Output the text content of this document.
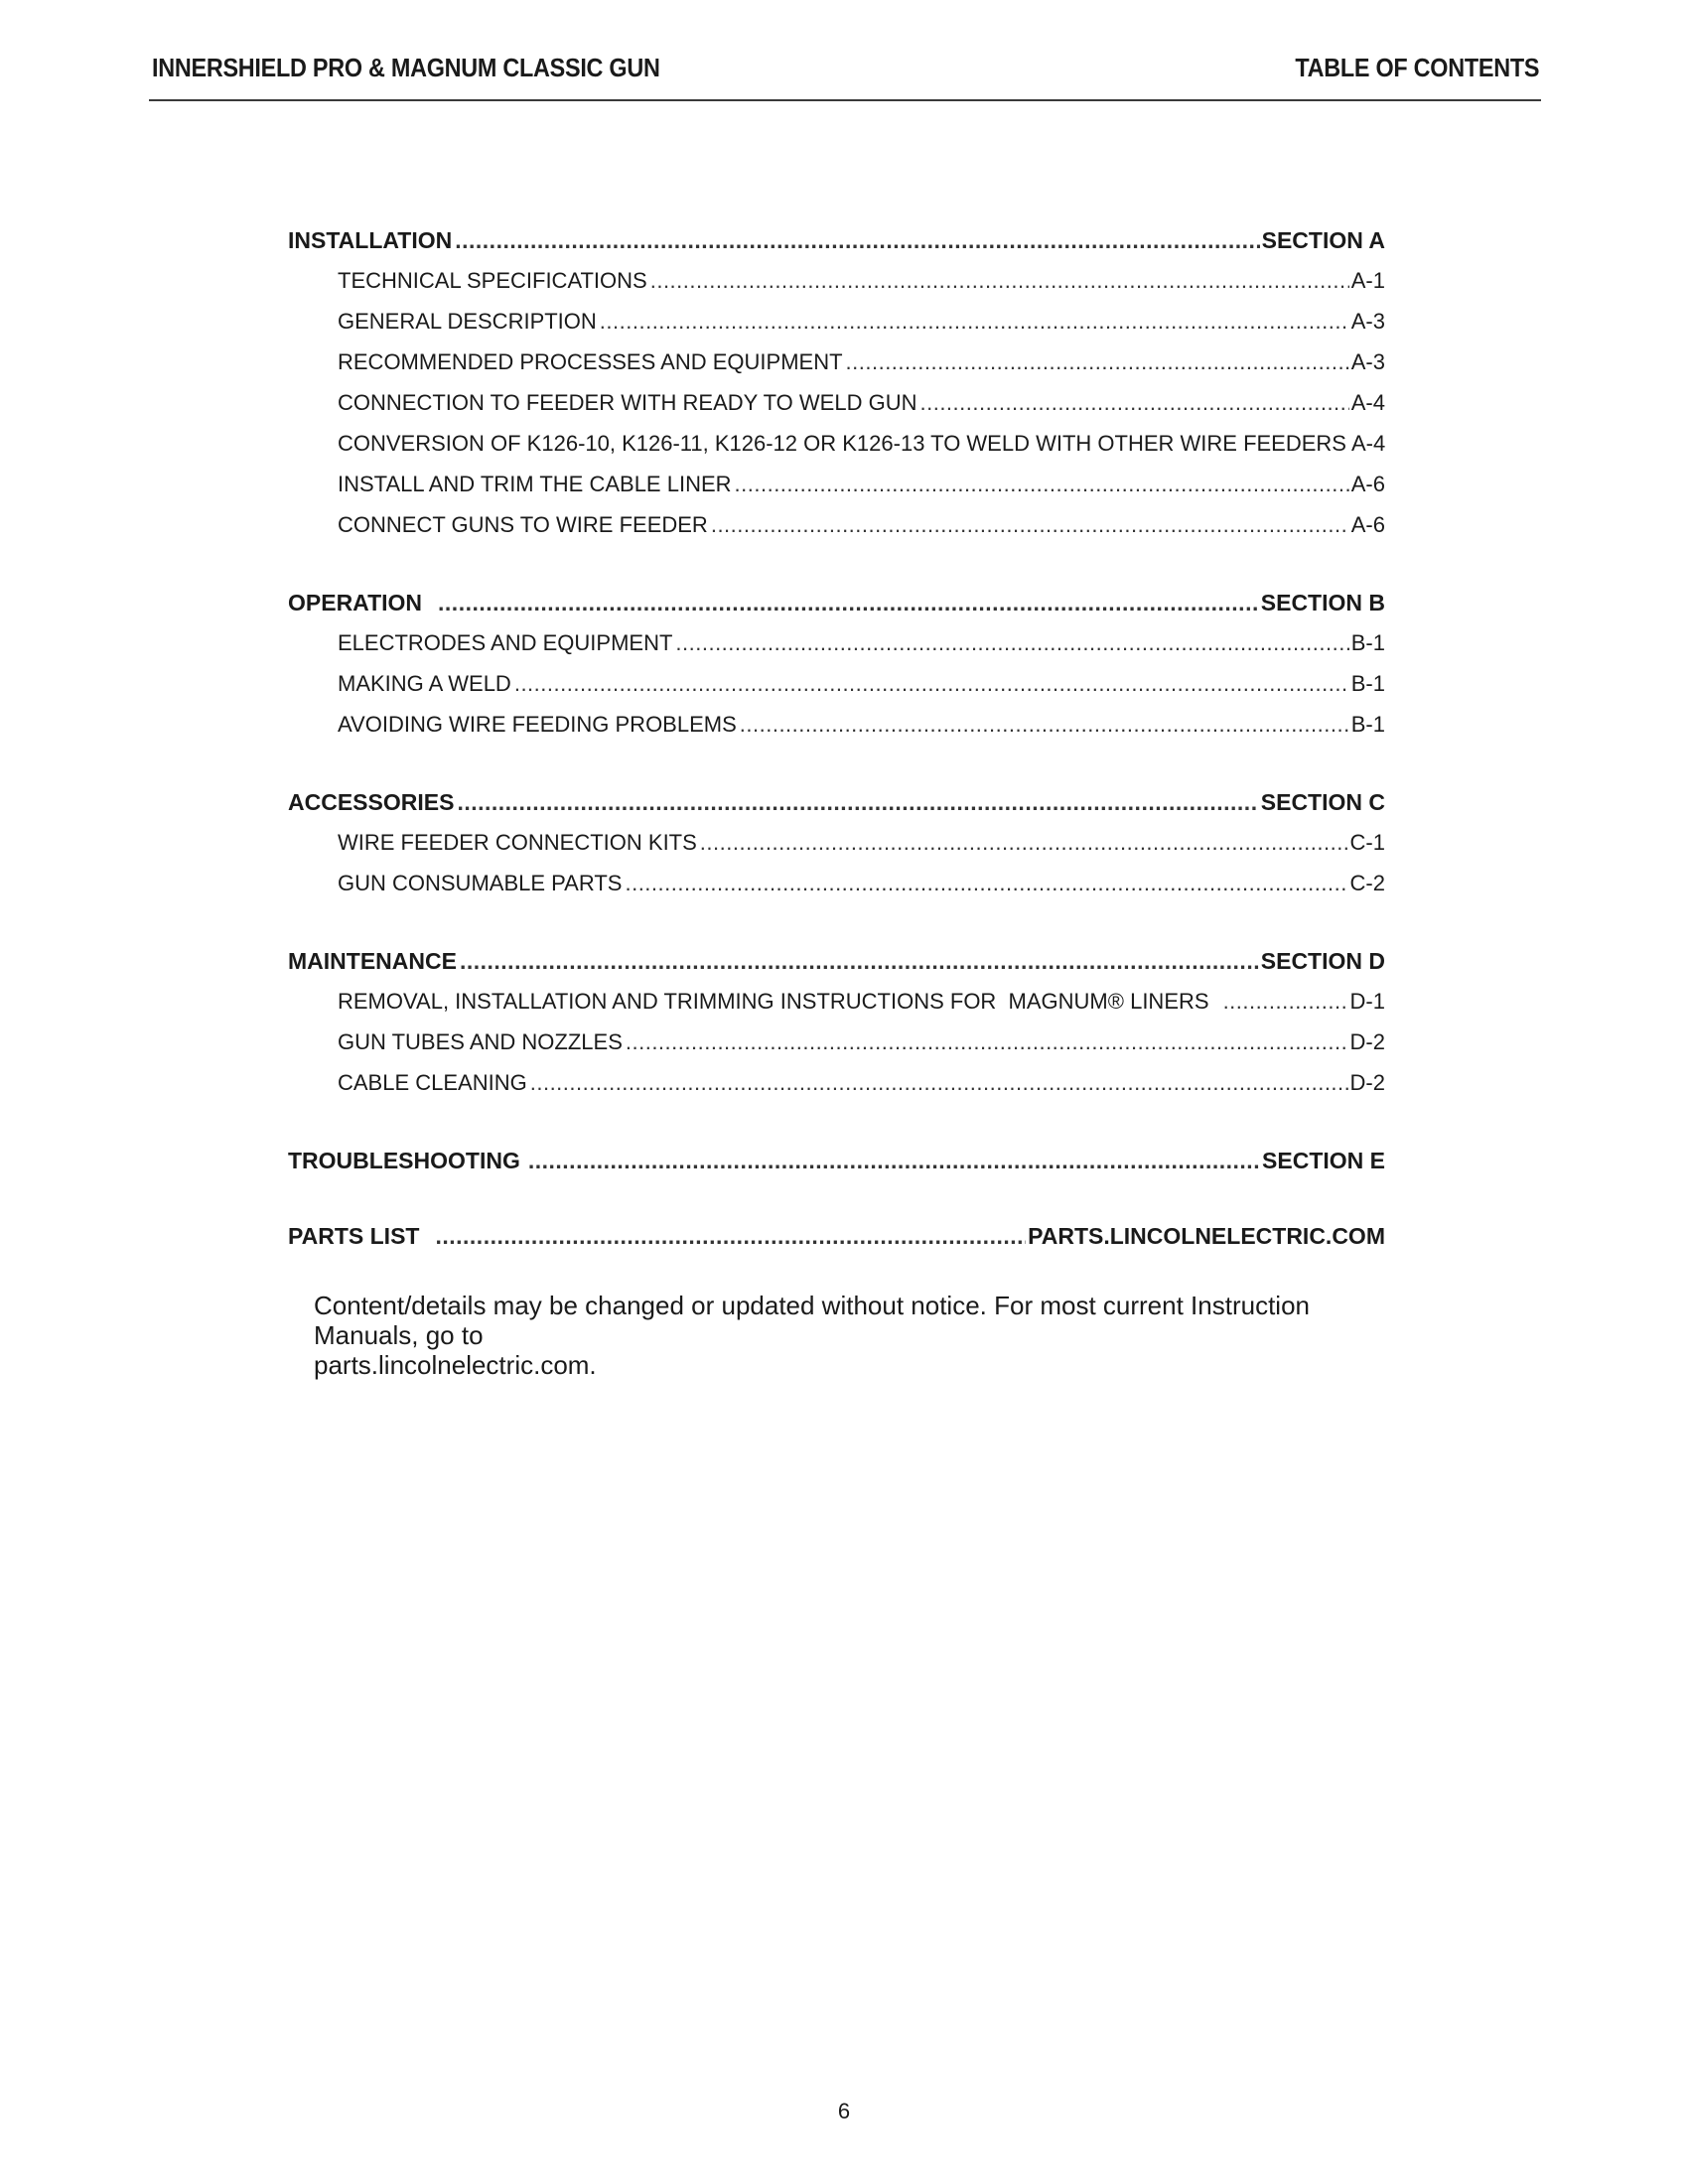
INNERSHIELD PRO & MAGNUM CLASSIC GUN	TABLE OF CONTENTS
INSTALLATION .....	SECTION A
TECHNICAL SPECIFICATIONS .....	A-1
GENERAL DESCRIPTION .....	A-3
RECOMMENDED PROCESSES AND EQUIPMENT .....	A-3
CONNECTION TO FEEDER WITH READY TO WELD GUN .....	A-4
CONVERSION OF K126-10, K126-11, K126-12 OR K126-13 TO WELD WITH OTHER WIRE FEEDERS A-4
INSTALL AND TRIM THE CABLE LINER .....	A-6
CONNECT GUNS TO WIRE FEEDER .....	A-6
OPERATION .....	SECTION B
ELECTRODES AND EQUIPMENT .....	B-1
MAKING A WELD .....	B-1
AVOIDING WIRE FEEDING PROBLEMS .....	B-1
ACCESSORIES .....	SECTION C
WIRE FEEDER CONNECTION KITS .....	C-1
GUN CONSUMABLE PARTS .....	C-2
MAINTENANCE .....	SECTION D
REMOVAL, INSTALLATION AND TRIMMING INSTRUCTIONS FOR  MAGNUM® LINERS .....	D-1
GUN TUBES AND NOZZLES .....	D-2
CABLE CLEANING .....	D-2
TROUBLESHOOTING .....	SECTION E
PARTS LIST .....	PARTS.LINCOLNELECTRIC.COM
Content/details may be changed or updated without notice. For most current Instruction Manuals, go to
parts.lincolnelectric.com.
6
